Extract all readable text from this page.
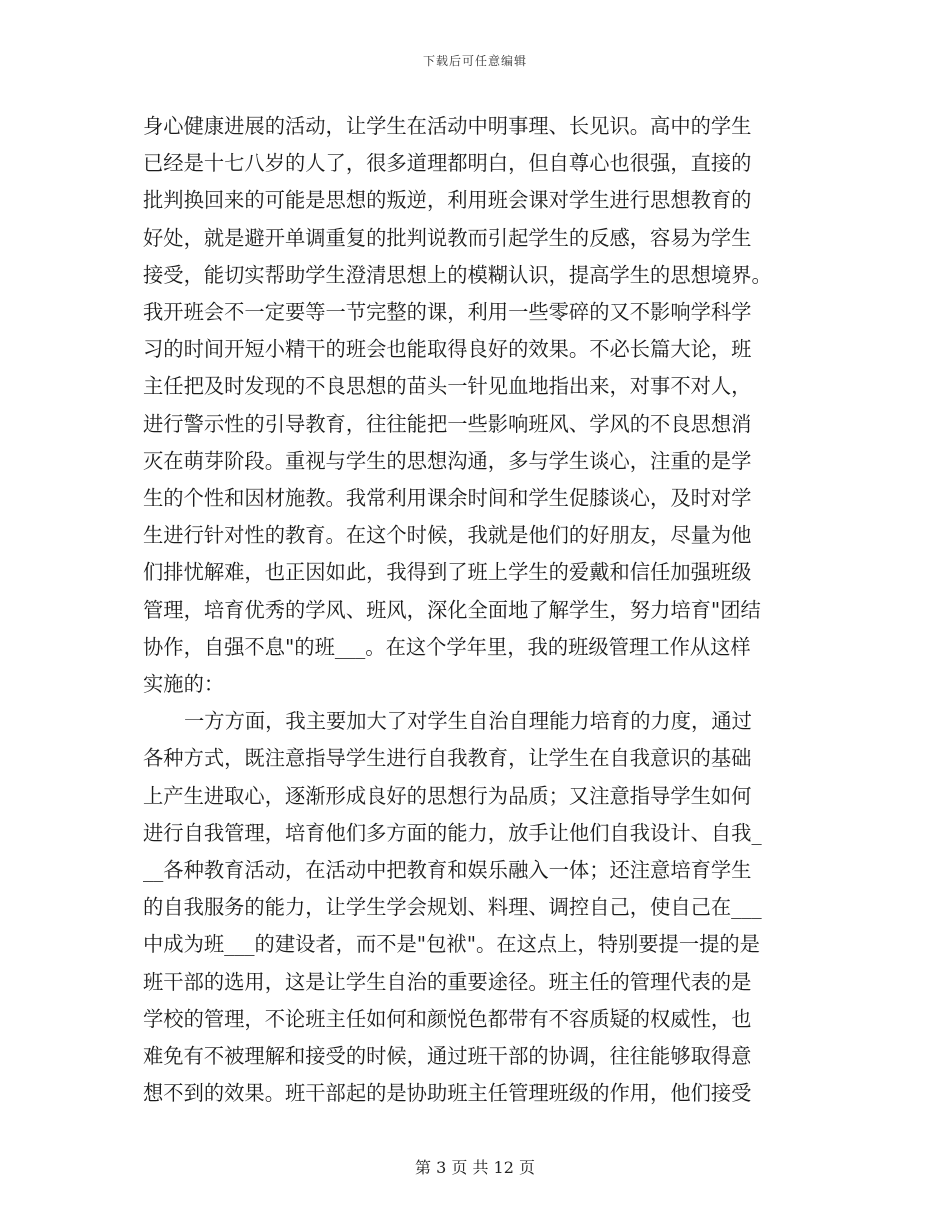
下载后可任意编辑

身心健康进展的活动，让学生在活动中明事理、长见识。高中的学生

已经是十七八岁的人了，很多道理都明白，但自尊心也很强，直接的

批判换回来的可能是思想的叛逆，利用班会课对学生进行思想教育的

好处，就是避开单调重复的批判说教而引起学生的反感，容易为学生

接受，能切实帮助学生澄清思想上的模糊认识，提高学生的思想境界。

我开班会不一定要等一节完整的课，利用一些零碎的又不影响学科学

习的时间开短小精干的班会也能取得良好的效果。不必长篇大论，班

主任把及时发现的不良思想的苗头一针见血地指出来，对事不对人，

进行警示性的引导教育，往往能把一些影响班风、学风的不良思想消

灭在萌芽阶段。重视与学生的思想沟通，多与学生谈心，注重的是学

生的个性和因材施教。我常利用课余时间和学生促膝谈心，及时对学

生进行针对性的教育。在这个时候，我就是他们的好朋友，尽量为他

们排忧解难，也正因如此，我得到了班上学生的爱戴和信任加强班级

管理，培育优秀的学风、班风，深化全面地了解学生，努力培育"团结

协作，自强不息"的班___。在这个学年里，我的班级管理工作从这样

实施的：

一方方面，我主要加大了对学生自治自理能力培育的力度，通过

各种方式，既注意指导学生进行自我教育，让学生在自我意识的基础

上产生进取心，逐渐形成良好的思想行为品质；又注意指导学生如何

进行自我管理，培育他们多方面的能力，放手让他们自我设计、自我_

__各种教育活动，在活动中把教育和娱乐融入一体；还注意培育学生

的自我服务的能力，让学生学会规划、料理、调控自己，使自己在___

中成为班___的建设者，而不是"包袱"。在这点上，特别要提一提的是

班干部的选用，这是让学生自治的重要途径。班主任的管理代表的是

学校的管理，不论班主任如何和颜悦色都带有不容质疑的权威性，也

难免有不被理解和接受的时候，通过班干部的协调，往往能够取得意

想不到的效果。班干部起的是协助班主任管理班级的作用，他们接受

第 3 页 共 12 页
